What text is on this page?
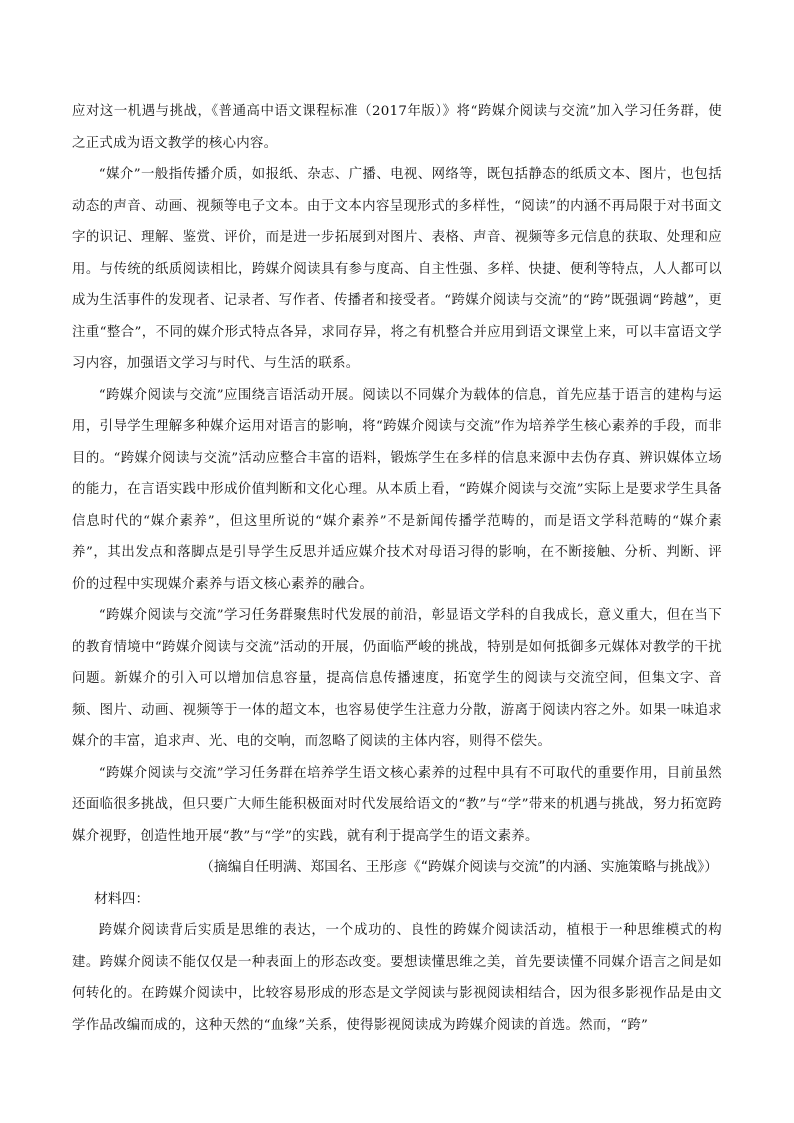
应对这一机遇与挑战，《普通高中语文课程标准（2017年版）》将“跨媒介阅读与交流”加入学习任务群，使之正式成为语文教学的核心内容。

“媒介”一般指传播介质，如报纸、杂志、广播、电视、网络等，既包括静态的纸质文本、图片，也包括动态的声音、动画、视频等电子文本。由于文本内容呈现形式的多样性，“阅读”的内涵不再局限于对书面文字的识记、理解、鉴赏、评价，而是进一步拓展到对图片、表格、声音、视频等多元信息的获取、处理和应用。与传统的纸质阅读相比，跨媒介阅读具有参与度高、自主性强、多样、快捷、便利等特点，人人都可以成为生活事件的发现者、记录者、写作者、传播者和接受者。“跨媒介阅读与交流”的“跨”既强调“跨越”，更注重“整合”，不同的媒介形式特点各异，求同存异，将之有机整合并应用到语文课堂上来，可以丰富语文学习内容，加强语文学习与时代、与生活的联系。

“跨媒介阅读与交流”应围绕言语活动开展。阅读以不同媒介为载体的信息，首先应基于语言的建构与运用，引导学生理解多种媒介运用对语言的影响，将“跨媒介阅读与交流”作为培养学生核心素养的手段，而非目的。“跨媒介阅读与交流”活动应整合丰富的语料，锻炼学生在多样的信息来源中去伪存真、辨识媒体立场的能力，在言语实践中形成价值判断和文化心理。从本质上看，“跨媒介阅读与交流”实际上是要求学生具备信息时代的“媒介素养”，但这里所说的“媒介素养”不是新闻传播学范畴的，而是语文学科范畴的“媒介素养”，其出发点和落脚点是引导学生反思并适应媒介技术对母语习得的影响，在不断接触、分析、判断、评价的过程中实现媒介素养与语文核心素养的融合。

“跨媒介阅读与交流”学习任务群聚焦时代发展的前沿，彰显语文学科的自我成长，意义重大，但在当下的教育情境中“跨媒介阅读与交流”活动的开展，仍面临严峻的挑战，特别是如何抵御多元媒体对教学的干扰问题。新媒介的引入可以增加信息容量，提高信息传播速度，拓宽学生的阅读与交流空间，但集文字、音频、图片、动画、视频等于一体的超文本，也容易使学生注意力分散，游离于阅读内容之外。如果一味追求媒介的丰富，追求声、光、电的交响，而忽略了阅读的主体内容，则得不偿失。

“跨媒介阅读与交流”学习任务群在培养学生语文核心素养的过程中具有不可取代的重要作用，目前虽然还面临很多挑战，但只要广大师生能积极面对时代发展给语文的“教”与“学”带来的机遇与挑战，努力拓宽跨媒介视野，创造性地开展“教”与“学”的实践，就有利于提高学生的语文素养。

（摘编自任明满、郑国名、王彤彦《“跨媒介阅读与交流”的内涵、实施策略与挑战》）

材料四：

跨媒介阅读背后实质是思维的表达，一个成功的、良性的跨媒介阅读活动，植根于一种思维模式的构建。跨媒介阅读不能仅仅是一种表面上的形态改变。要想读懂思维之美，首先要读懂不同媒介语言之间是如何转化的。在跨媒介阅读中，比较容易形成的形态是文学阅读与影视阅读相结合，因为很多影视作品是由文学作品改编而成的，这种天然的“血缘”关系，使得影视阅读成为跨媒介阅读的首选。然而，“跨”
